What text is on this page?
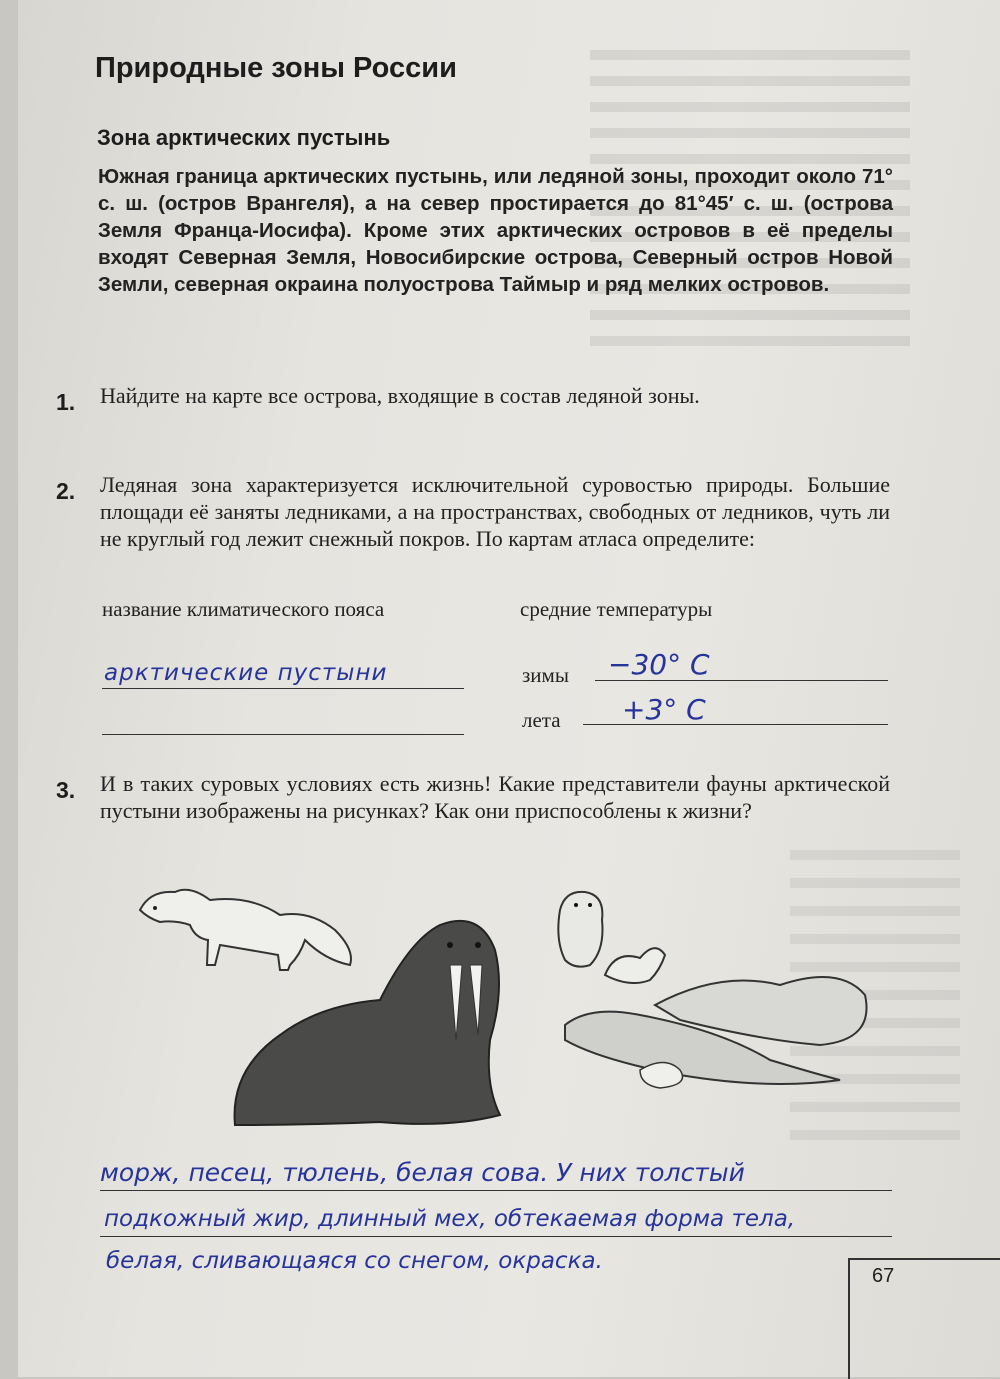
Природные зоны России
Зона арктических пустынь
Южная граница арктических пустынь, или ледяной зоны, проходит около 71° с. ш. (остров Врангеля), а на север простирается до 81°45′ с. ш. (острова Земля Франца-Иосифа). Кроме этих арктических островов в её пределы входят Северная Земля, Новосибирские острова, Северный остров Новой Земли, северная окраина полуострова Таймыр и ряд мелких островов.
1. Найдите на карте все острова, входящие в состав ледяной зоны.
2. Ледяная зона характеризуется исключительной суровостью природы. Большие площади её заняты ледниками, а на пространствах, свободных от ледников, чуть ли не круглый год лежит снежный покров. По картам атласа определите:
название климатического пояса	средние температуры
арктические пустыни	зимы −30° С
лета +3° С
3. И в таких суровых условиях есть жизнь! Какие представители фауны арктической пустыни изображены на рисунках? Как они приспособлены к жизни?
морж, песец, тюлень, белая сова. У них толстый
подкожный жир, длинный мех, обтекаемая форма тела,
белая, сливающаяся со снегом, окраска.
67
